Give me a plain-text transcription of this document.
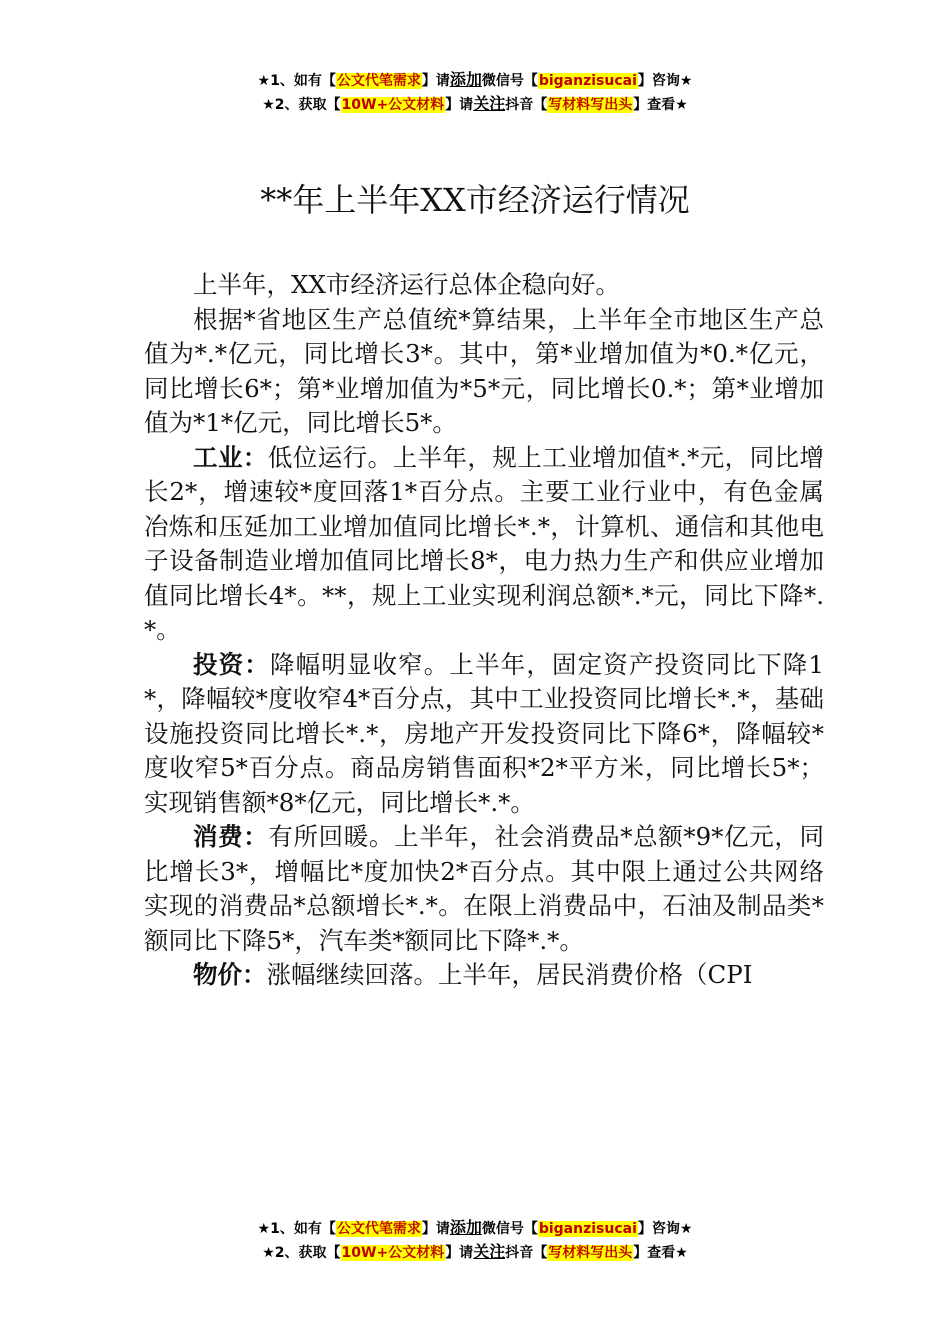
★1、如有【公文代笔需求】请添加微信号【biganzisucai】咨询★
★2、获取【10W+公文材料】请关注抖音【写材料写出头】查看★
**年上半年XX市经济运行情况

上半年，XX市经济运行总体企稳向好。

根据*省地区生产总值统*算结果，上半年全市地区生产总值为*.*亿元，同比增长3*。其中，第*业增加值为*0.*亿元，同比增长6*；第*业增加值为*5*元，同比增长0.*；第*业增加值为*1*亿元，同比增长5*。

工业：低位运行。上半年，规上工业增加值*.*元，同比增长2*，增速较*度回落1*百分点。主要工业行业中，有色金属冶炼和压延加工业增加值同比增长*.*，计算机、通信和其他电子设备制造业增加值同比增长8*，电力热力生产和供应业增加值同比增长4*。**，规上工业实现利润总额*.*元，同比下降*.*。

投资：降幅明显收窄。上半年，固定资产投资同比下降1*，降幅较*度收窄4*百分点，其中工业投资同比增长*.*，基础设施投资同比增长*.*，房地产开发投资同比下降6*，降幅较*度收窄5*百分点。商品房销售面积*2*平方米，同比增长5*；实现销售额*8*亿元，同比增长*.*。

消费：有所回暖。上半年，社会消费品*总额*9*亿元，同比增长3*，增幅比*度加快2*百分点。其中限上通过公共网络实现的消费品*总额增长*.*。在限上消费品中，石油及制品类*额同比下降5*，汽车类*额同比下降*.*。

物价：涨幅继续回落。上半年，居民消费价格（CPI

★1、如有【公文代笔需求】请添加微信号【biganzisucai】咨询★
★2、获取【10W+公文材料】请关注抖音【写材料写出头】查看★
